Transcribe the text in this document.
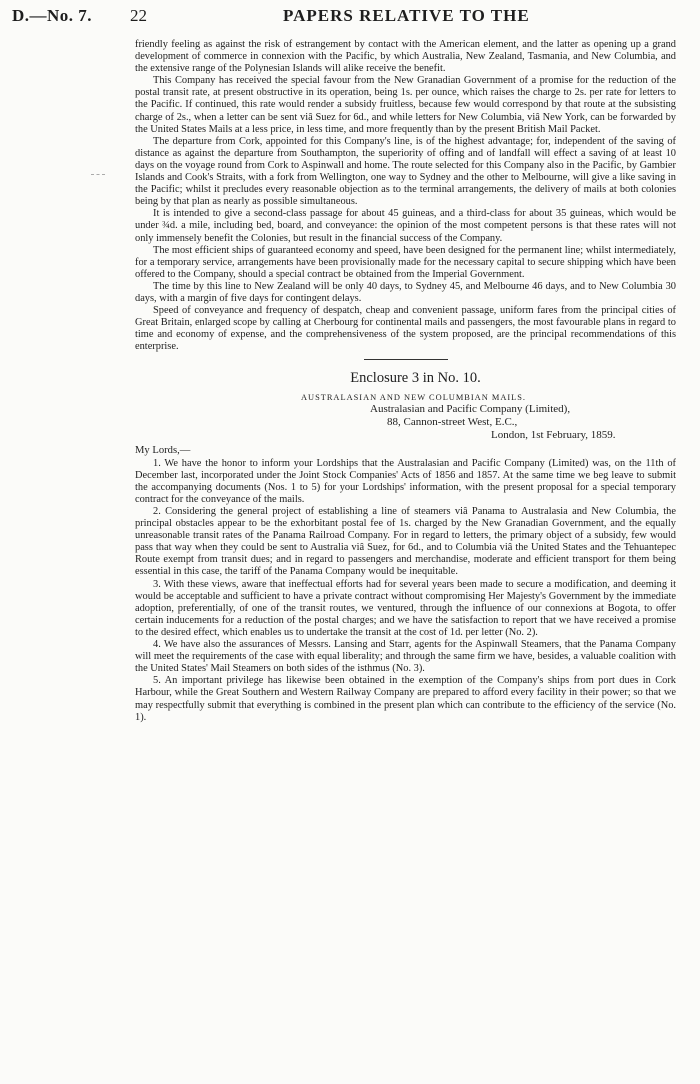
D.—No. 7. 22	PAPERS RELATIVE TO THE

friendly feeling as against the risk of estrangement by contact with the American element, and the latter as opening up a grand development of commerce in connexion with the Pacific, by which Australia, New Zealand, Tasmania, and New Columbia, and the extensive range of the Polynesian Islands will alike receive the benefit.

This Company has received the special favour from the New Granadian Government of a promise for the reduction of the postal transit rate, at present obstructive in its operation, being 1s. per ounce, which raises the charge to 2s. per rate for letters to the Pacific. If continued, this rate would render a subsidy fruitless, because few would correspond by that route at the subsisting charge of 2s., when a letter can be sent viâ Suez for 6d., and while letters for New Columbia, viâ New York, can be forwarded by the United States Mails at a less price, in less time, and more frequently than by the present British Mail Packet.

The departure from Cork, appointed for this Company's line, is of the highest advantage; for, independent of the saving of distance as against the departure from Southampton, the superiority of offing and of landfall will effect a saving of at least 10 days on the voyage round from Cork to Aspinwall and home. The route selected for this Company also in the Pacific, by Gambier Islands and Cook's Straits, with a fork from Wellington, one way to Sydney and the other to Melbourne, will give a like saving in the Pacific; whilst it precludes every reasonable objection as to the terminal arrangements, the delivery of mails at both colonies being by that plan as nearly as possible simultaneous.

It is intended to give a second-class passage for about 45 guineas, and a third-class for about 35 guineas, which would be under ¾d. a mile, including bed, board, and conveyance: the opinion of the most competent persons is that these rates will not only immensely benefit the Colonies, but result in the financial success of the Company.

The most efficient ships of guaranteed economy and speed, have been designed for the permanent line; whilst intermediately, for a temporary service, arrangements have been provisionally made for the necessary capital to secure shipping which have been offered to the Company, should a special contract be obtained from the Imperial Government.

The time by this line to New Zealand will be only 40 days, to Sydney 45, and Melbourne 46 days, and to New Columbia 30 days, with a margin of five days for contingent delays.

Speed of conveyance and frequency of despatch, cheap and convenient passage, uniform fares from the principal cities of Great Britain, enlarged scope by calling at Cherbourg for continental mails and passengers, the most favourable plans in regard to time and economy of expense, and the comprehensiveness of the system proposed, are the principal recommendations of this enterprise.

Enclosure 3 in No. 10.
AUSTRALASIAN AND NEW COLUMBIAN MAILS.
Australasian and Pacific Company (Limited),
88, Cannon-street West, E.C.,
London, 1st February, 1859.
My Lords,—

1. We have the honor to inform your Lordships that the Australasian and Pacific Company (Limited) was, on the 11th of December last, incorporated under the Joint Stock Companies' Acts of 1856 and 1857. At the same time we beg leave to submit the accompanying documents (Nos. 1 to 5) for your Lordships' information, with the present proposal for a special temporary contract for the conveyance of the mails.

2. Considering the general project of establishing a line of steamers viâ Panama to Australasia and New Columbia, the principal obstacles appear to be the exhorbitant postal fee of 1s. charged by the New Granadian Government, and the equally unreasonable transit rates of the Panama Railroad Company. For in regard to letters, the primary object of a subsidy, few would pass that way when they could be sent to Australia viâ Suez, for 6d., and to Columbia viâ the United States and the Tehuantepec Route exempt from transit dues; and in regard to passengers and merchandise, moderate and efficient transport for them being essential in this case, the tariff of the Panama Company would be inequitable.

3. With these views, aware that ineffectual efforts had for several years been made to secure a modification, and deeming it would be acceptable and sufficient to have a private contract without compromising Her Majesty's Government by the immediate adoption, preferentially, of one of the transit routes, we ventured, through the influence of our connexions at Bogota, to offer certain inducements for a reduction of the postal charges; and we have the satisfaction to report that we have received a promise to the desired effect, which enables us to undertake the transit at the cost of 1d. per letter (No. 2).

4. We have also the assurances of Messrs. Lansing and Starr, agents for the Aspinwall Steamers, that the Panama Company will meet the requirements of the case with equal liberality; and through the same firm we have, besides, a valuable coalition with the United States' Mail Steamers on both sides of the isthmus (No. 3).

5. An important privilege has likewise been obtained in the exemption of the Company's ships from port dues in Cork Harbour, while the Great Southern and Western Railway Company are prepared to afford every facility in their power; so that we may respectfully submit that everything is combined in the present plan which can contribute to the efficiency of the service (No. 1).
